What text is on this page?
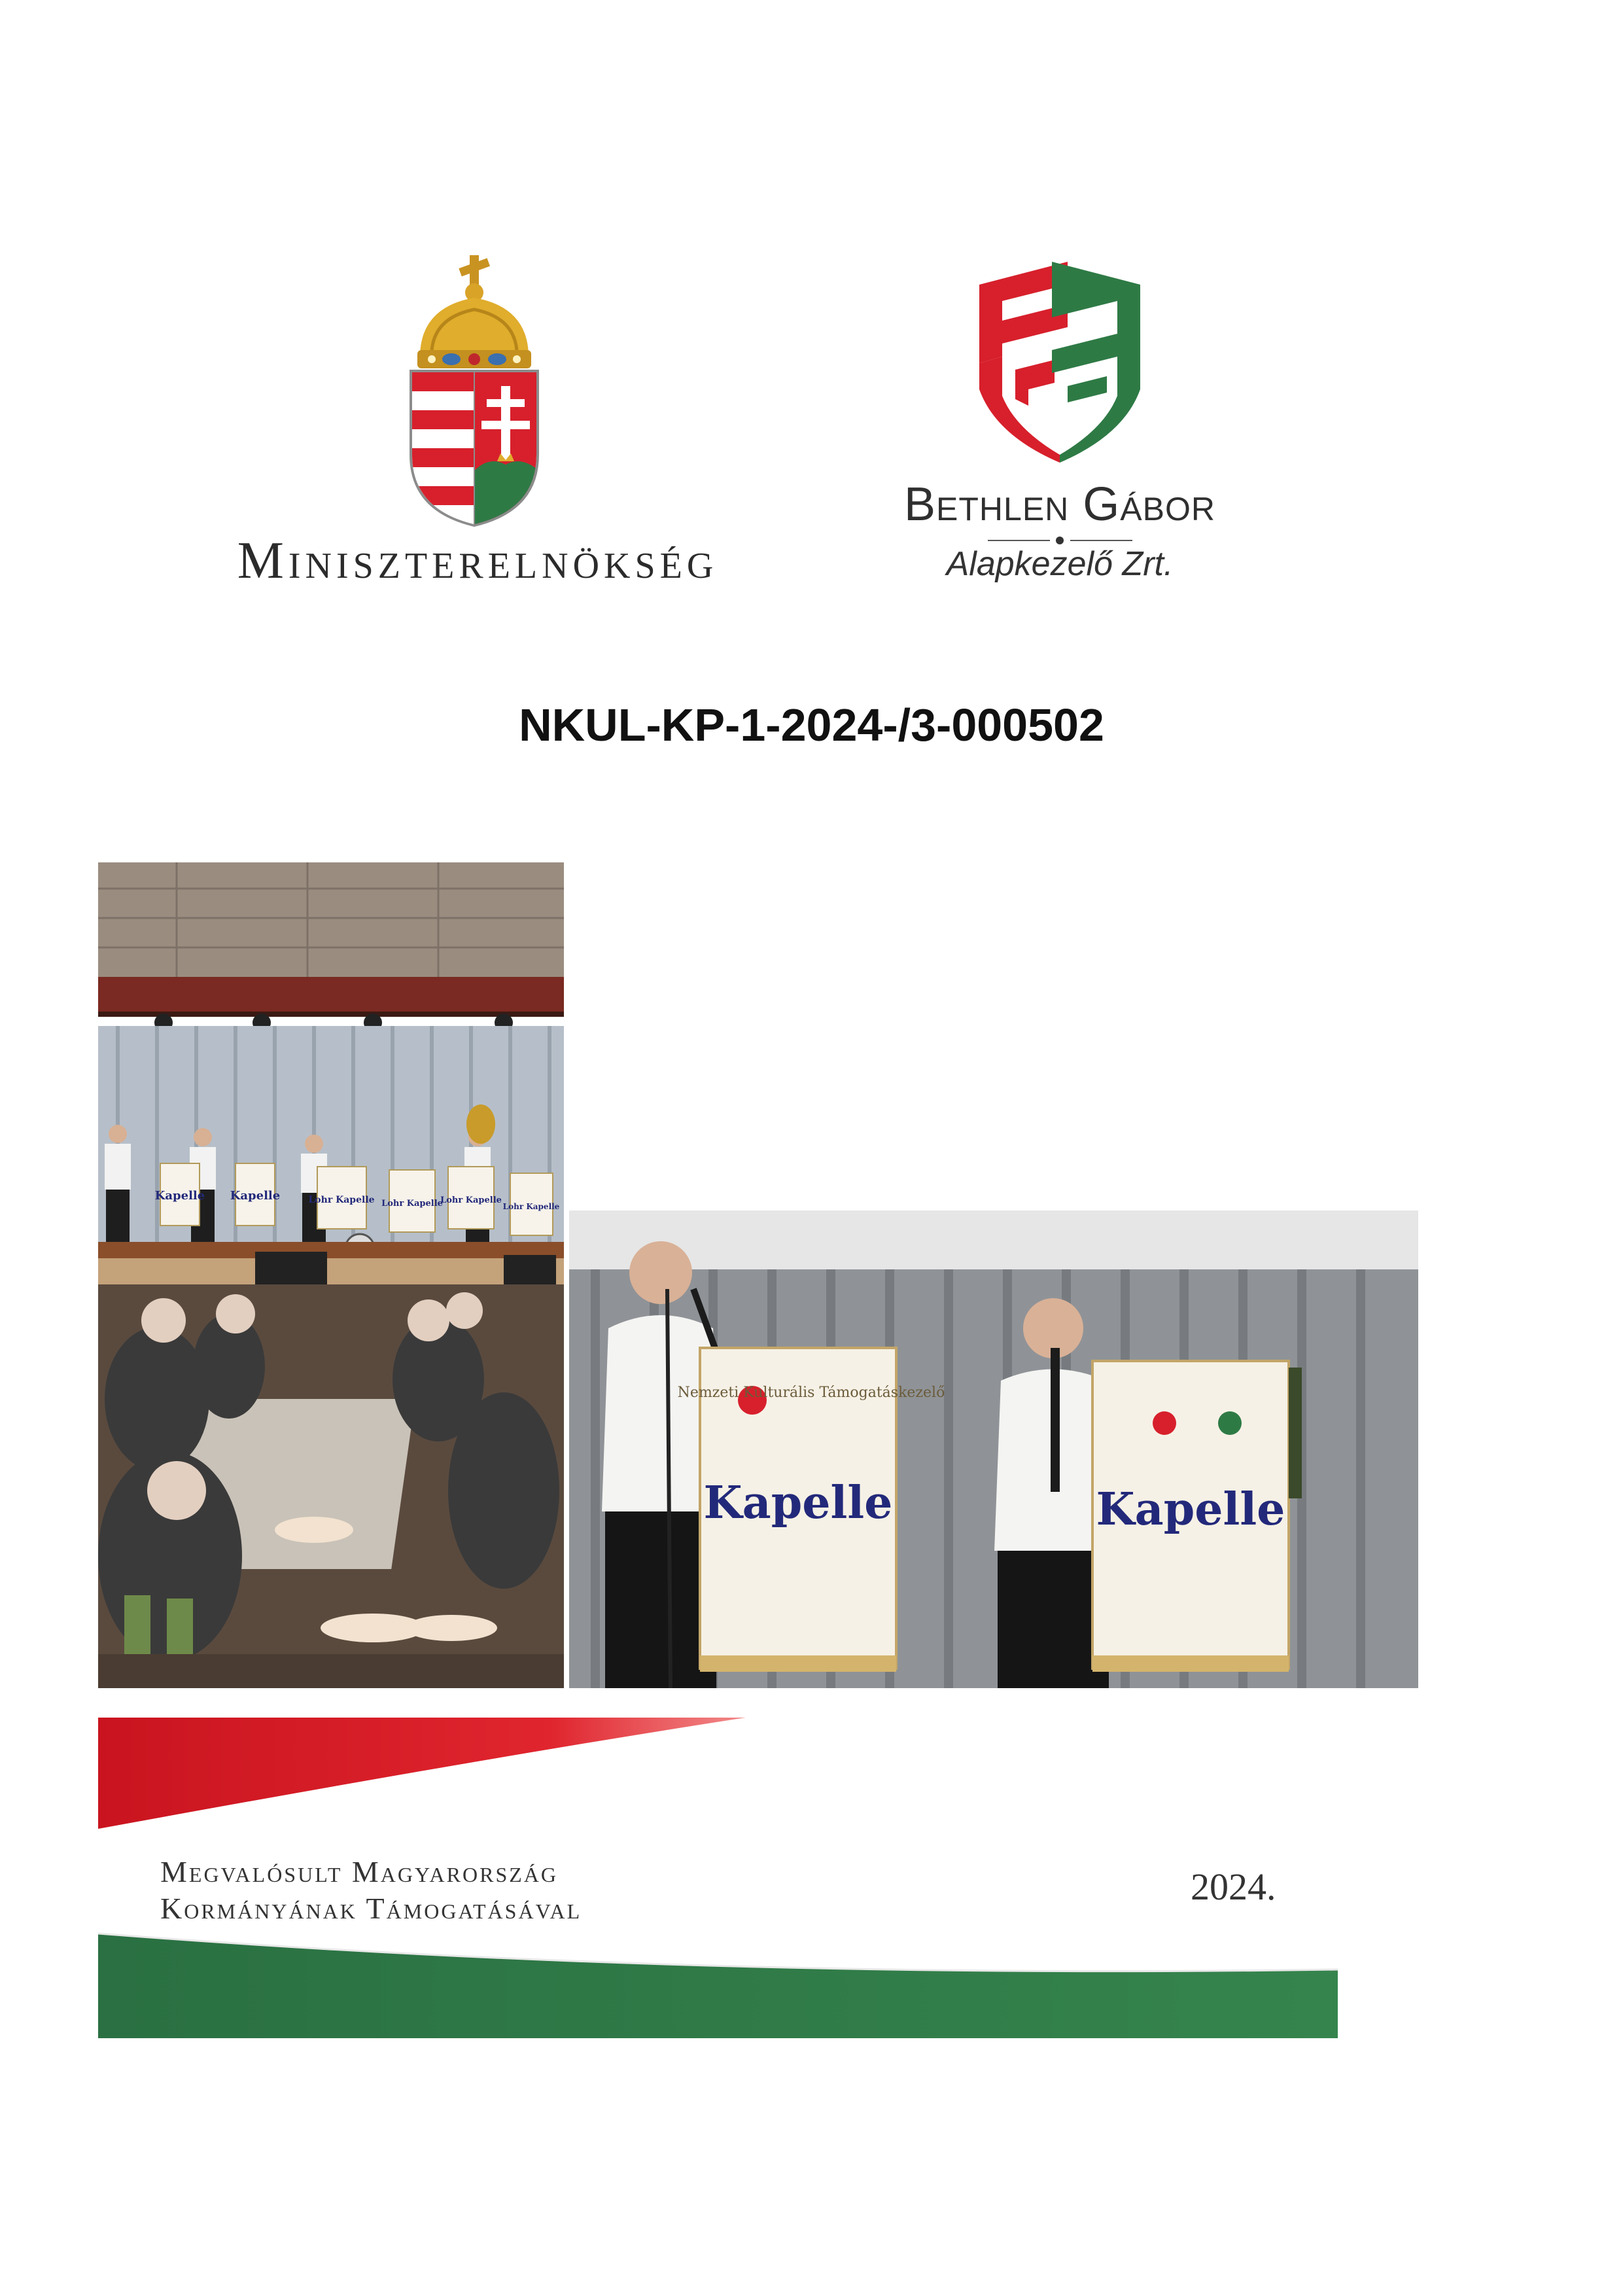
Miniszterelnökség
Bethlen Gábor
Alapkezelő Zrt.
NKUL-KP-1-2024-/3-000502
Kapelle Kapelle	Lohr Kapelle Lohr Kapelle
Lohr Kapelle
Lohr Kapelle
Nemzeti Kulturális Támogatáskezelő
Kapelle	Kapelle
Megvalósult Magyarország
Kormányának Támogatásával
2024.
